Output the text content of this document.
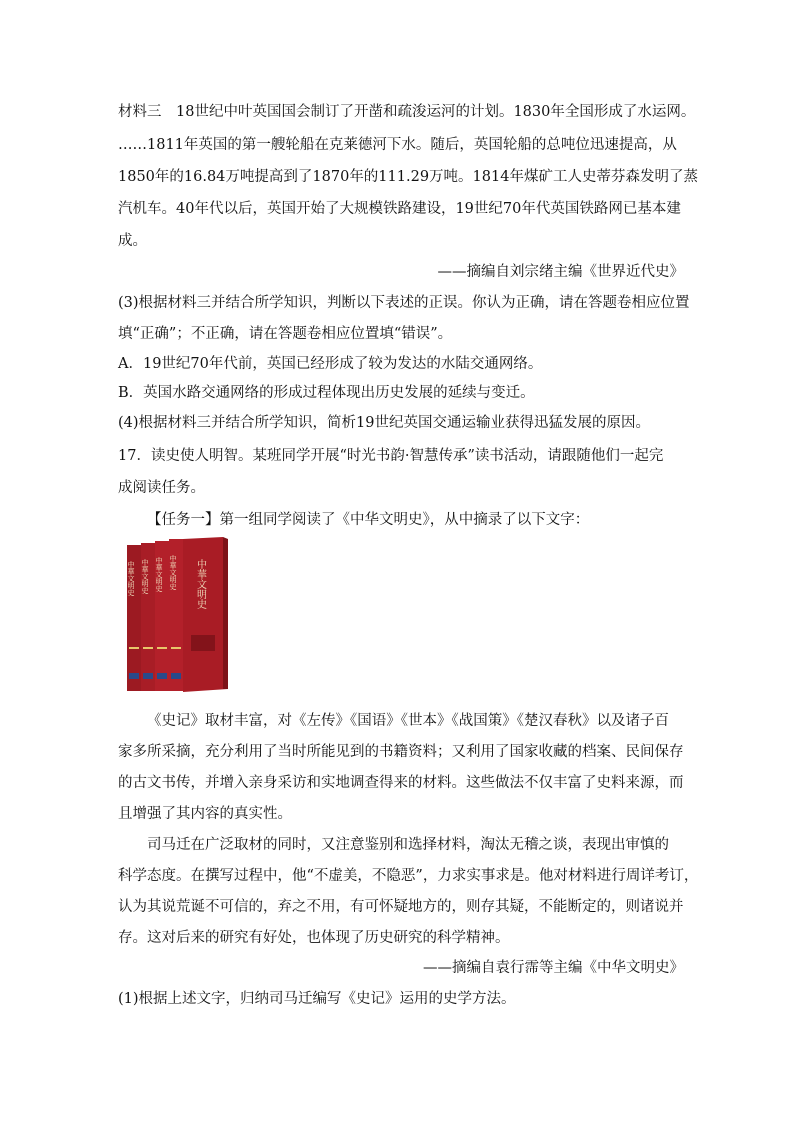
材料三　18世纪中叶英国国会制订了开凿和疏浚运河的计划。1830年全国形成了水运网。
……1811年英国的第一艘轮船在克莱德河下水。随后，英国轮船的总吨位迅速提高，从
1850年的16.84万吨提高到了1870年的111.29万吨。1814年煤矿工人史蒂芬森发明了蒸
汽机车。40年代以后，英国开始了大规模铁路建设，19世纪70年代英国铁路网已基本建
成。
——摘编自刘宗绪主编《世界近代史》
(3)根据材料三并结合所学知识，判断以下表述的正误。你认为正确，请在答题卷相应位置
填“正确”；不正确，请在答题卷相应位置填“错误”。
A．19世纪70年代前，英国已经形成了较为发达的水陆交通网络。
B．英国水路交通网络的形成过程体现出历史发展的延续与变迁。
(4)根据材料三并结合所学知识，简析19世纪英国交通运输业获得迅猛发展的原因。
17．读史使人明智。某班同学开展“时光书韵·智慧传承”读书活动，请跟随他们一起完
成阅读任务。
【任务一】第一组同学阅读了《中华文明史》，从中摘录了以下文字：
中華文明史 中華文明史 中華文明史 中華文明史 中華文明史
《史记》取材丰富，对《左传》《国语》《世本》《战国策》《楚汉春秋》以及诸子百
家多所采摘，充分利用了当时所能见到的书籍资料；又利用了国家收藏的档案、民间保存
的古文书传，并增入亲身采访和实地调查得来的材料。这些做法不仅丰富了史料来源，而
且增强了其内容的真实性。
司马迁在广泛取材的同时，又注意鉴别和选择材料，淘汰无稽之谈，表现出审慎的
科学态度。在撰写过程中，他“不虚美，不隐恶”，力求实事求是。他对材料进行周详考订，
认为其说荒诞不可信的，弃之不用，有可怀疑地方的，则存其疑，不能断定的，则诸说并
存。这对后来的研究有好处，也体现了历史研究的科学精神。
——摘编自袁行霈等主编《中华文明史》
(1)根据上述文字，归纳司马迁编写《史记》运用的史学方法。
